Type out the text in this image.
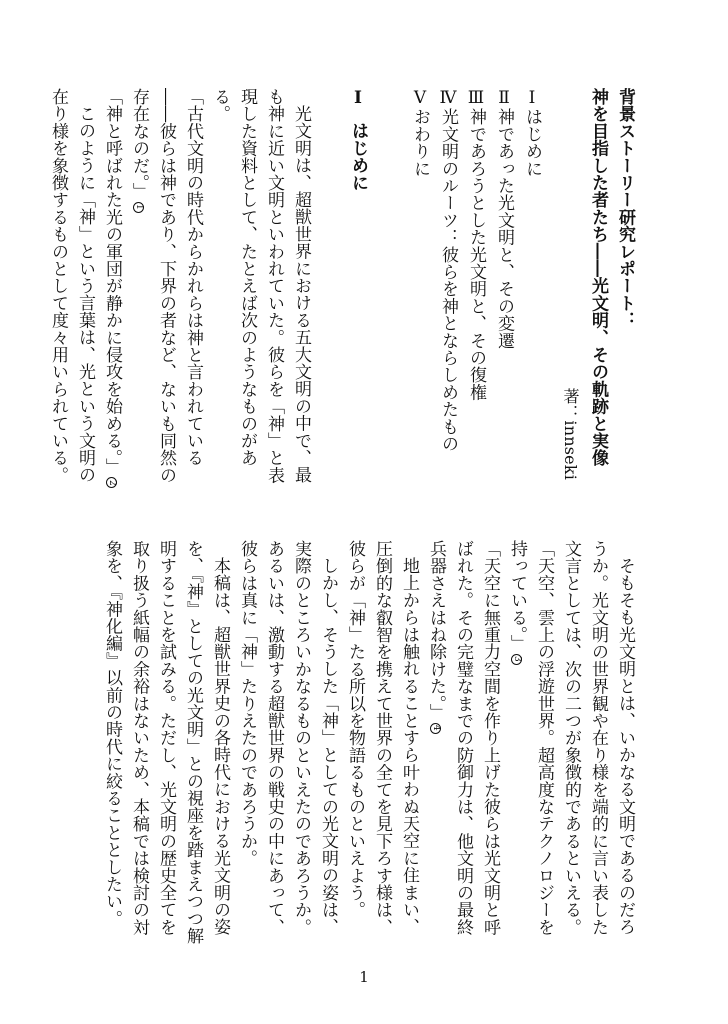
背景ストーリー研究レポート：
神を目指した者たち――光文明、その軌跡と実像
著：innseki
Ⅰはじめに
Ⅱ神であった光文明と、その変遷
Ⅲ神であろうとした光文明と、その復権
Ⅳ光文明のルーツ：彼らを神とならしめたもの
Ⅴおわりに
Ⅰはじめに

光文明は、超獣世界における五大文明の中で、最も神に近い文明といわれていた。彼らを「神」と表現した資料として、たとえば次のようなものがある。

「古代文明の時代からかれらは神と言われている――彼らは神であり、下界の者など、ないも同然の存在なのだ。」1

「神と呼ばれた光の軍団が静かに侵攻を始める。」2

このように「神」という言葉は、光という文明の在り様を象徴するものとして度々用いられている。

そもそも光文明とは、いかなる文明であるのだろうか。光文明の世界観や在り様を端的に言い表した文言としては、次の二つが象徴的であるといえる。

「天空、雲上の浮遊世界。超高度なテクノロジーを持っている。」3

「天空に無重力空間を作り上げた彼らは光文明と呼ばれた。その完璧なまでの防御力は、他文明の最終兵器さえはね除けた。」4

地上からは触れることすら叶わぬ天空に住まい、圧倒的な叡智を携えて世界の全てを見下ろす様は、彼らが「神」たる所以を物語るものといえよう。

しかし、そうした「神」としての光文明の姿は、実際のところいかなるものといえたのであろうか。あるいは、激動する超獣世界の戦史の中にあって、彼らは真に「神」たりえたのであろうか。

本稿は、超獣世界史の各時代における光文明の姿を、『神』としての光文明」との視座を踏まえつつ解明することを試みる。ただし、光文明の歴史全てを取り扱う紙幅の余裕はないため、本稿では検討の対象を、『神化編』以前の時代に絞ることとしたい。

1
